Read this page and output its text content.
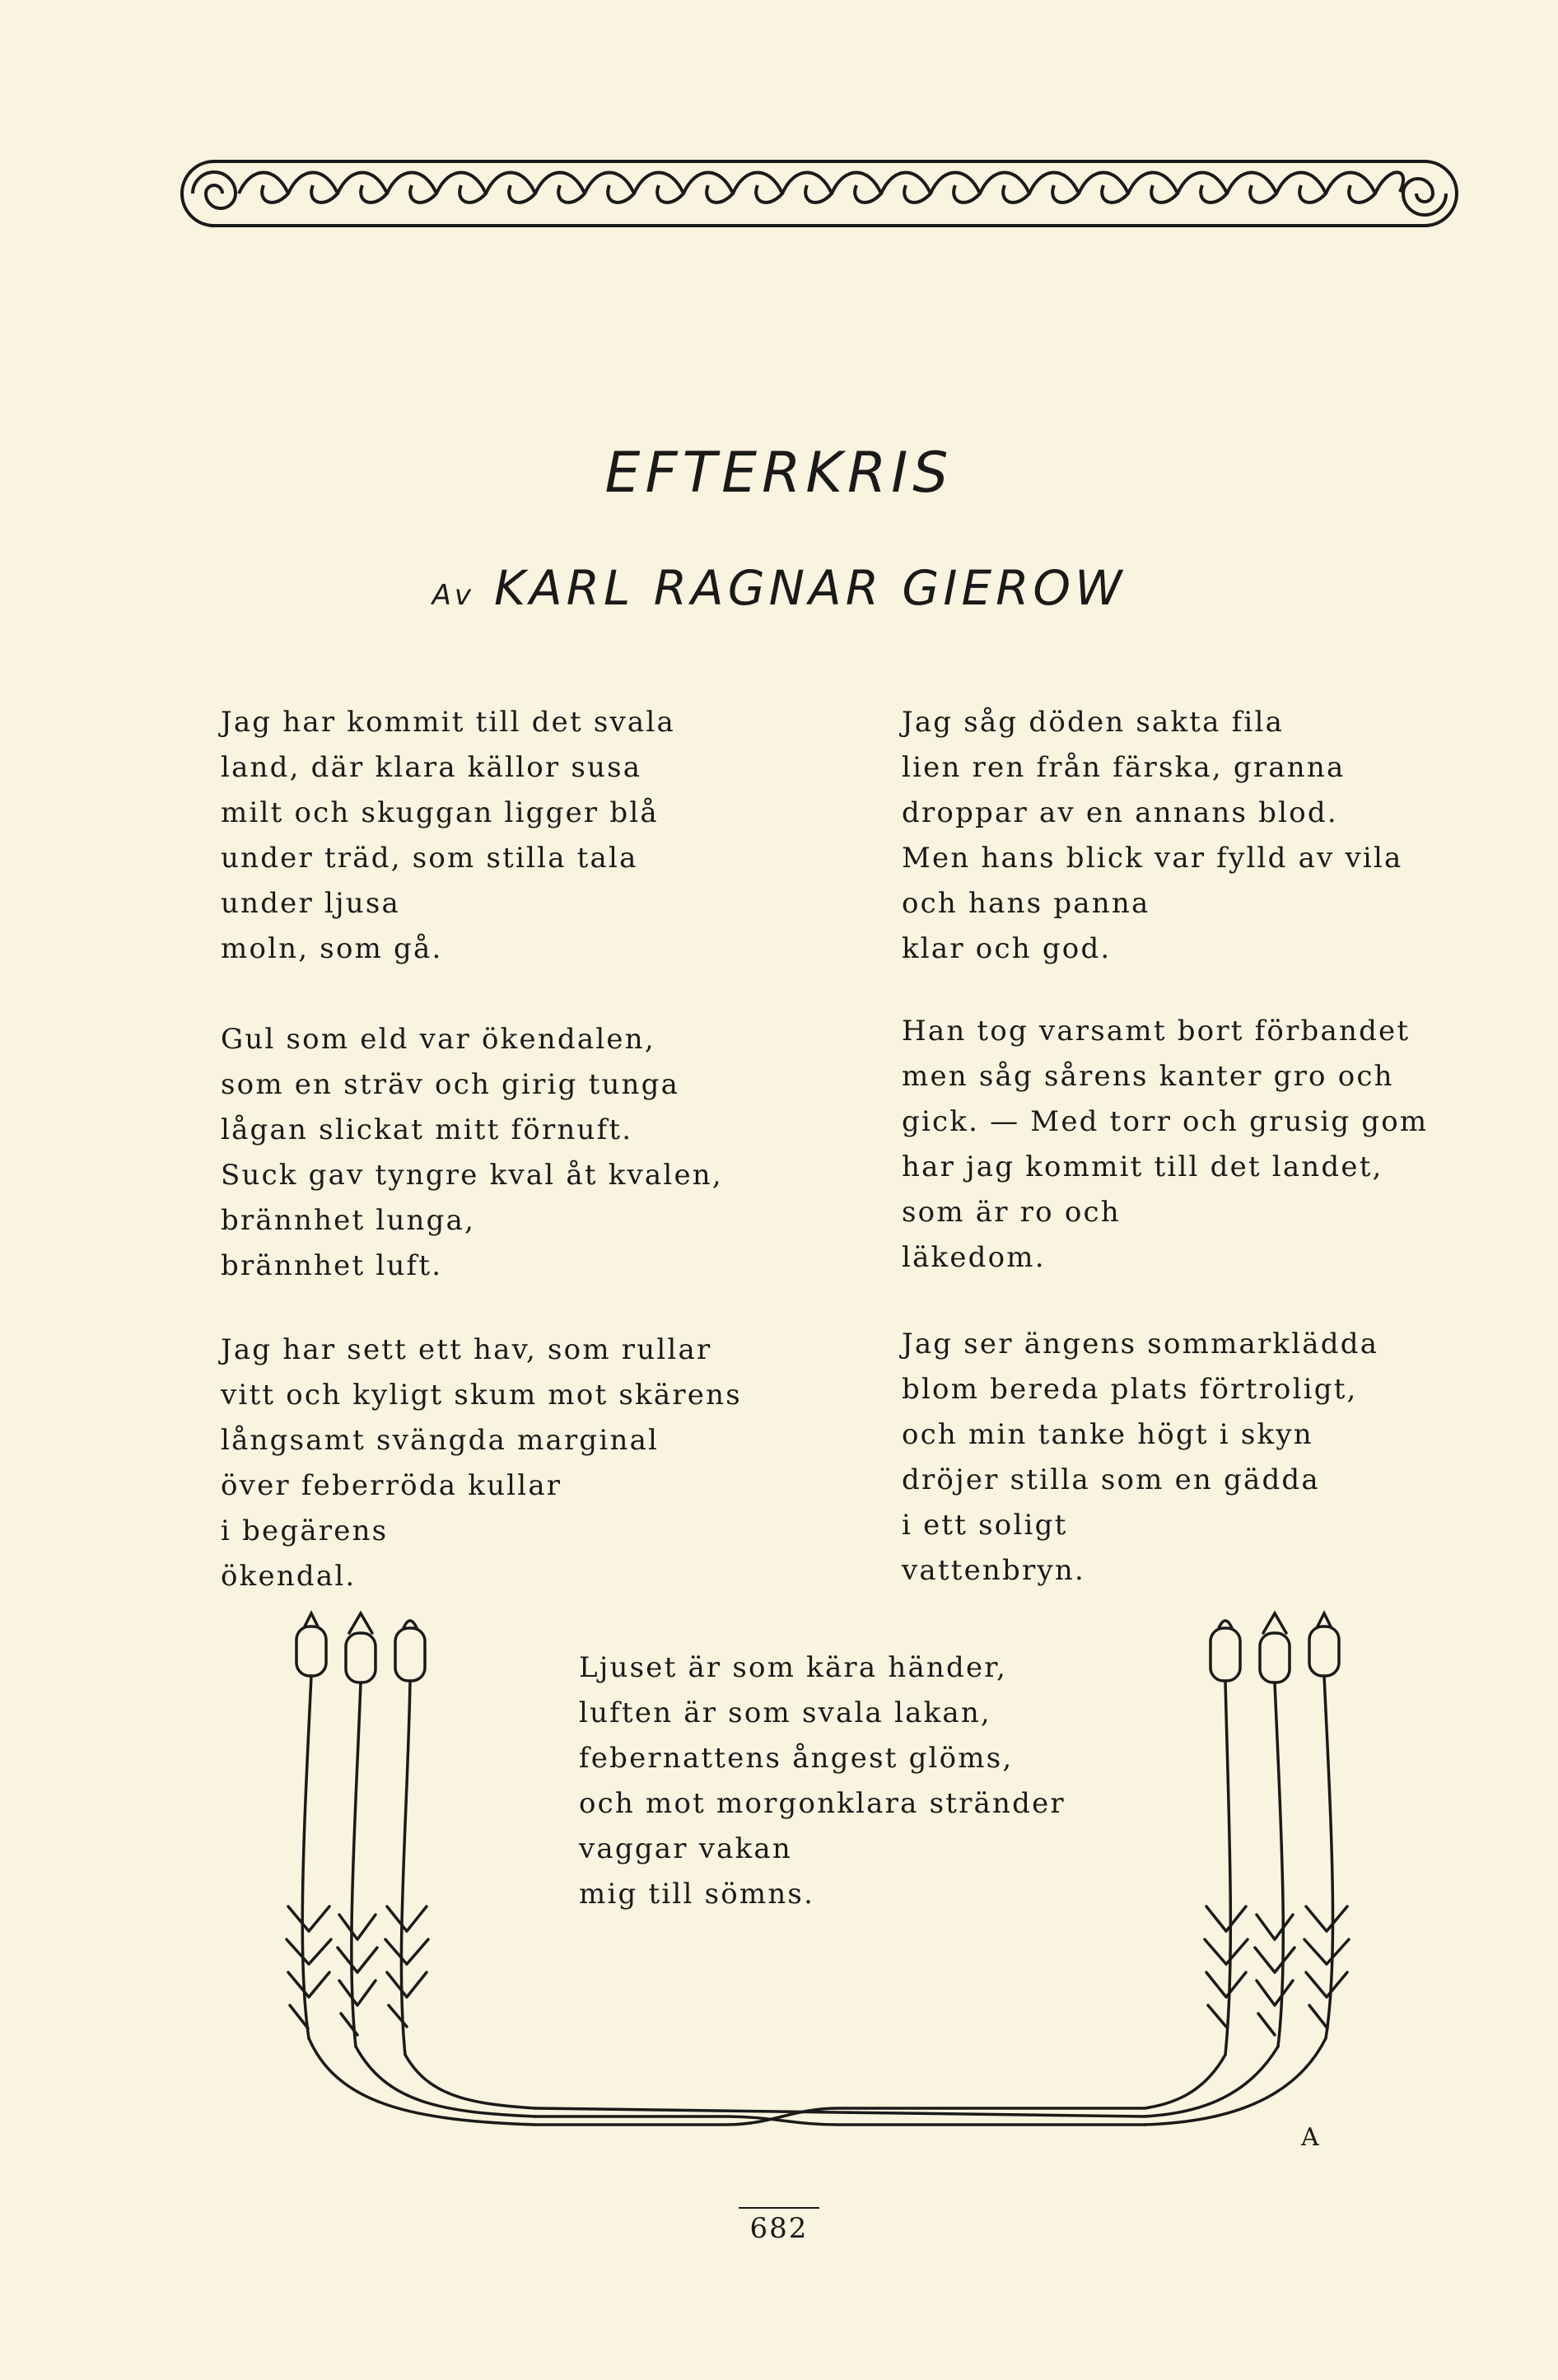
EFTERKRIS
Av KARL RAGNAR GIEROW
Jag har kommit till det svala
land, där klara källor susa
milt och skuggan ligger blå
under träd, som stilla tala
under ljusa
moln, som gå.
Gul som eld var ökendalen,
som en sträv och girig tunga
lågan slickat mitt förnuft.
Suck gav tyngre kval åt kvalen,
brännhet lunga,
brännhet luft.
Jag har sett ett hav, som rullar
vitt och kyligt skum mot skärens
långsamt svängda marginal
över feberröda kullar
i begärens
ökendal.
Jag såg döden sakta fila
lien ren från färska, granna
droppar av en annans blod.
Men hans blick var fylld av vila
och hans panna
klar och god.
Han tog varsamt bort förbandet
men såg sårens kanter gro och
gick. — Med torr och grusig gom
har jag kommit till det landet,
som är ro och
läkedom.
Jag ser ängens sommarklädda
blom bereda plats förtroligt,
och min tanke högt i skyn
dröjer stilla som en gädda
i ett soligt
vattenbryn.
A
Ljuset är som kära händer,
luften är som svala lakan,
febernattens ångest glöms,
och mot morgonklara stränder
vaggar vakan
mig till sömns.
682
